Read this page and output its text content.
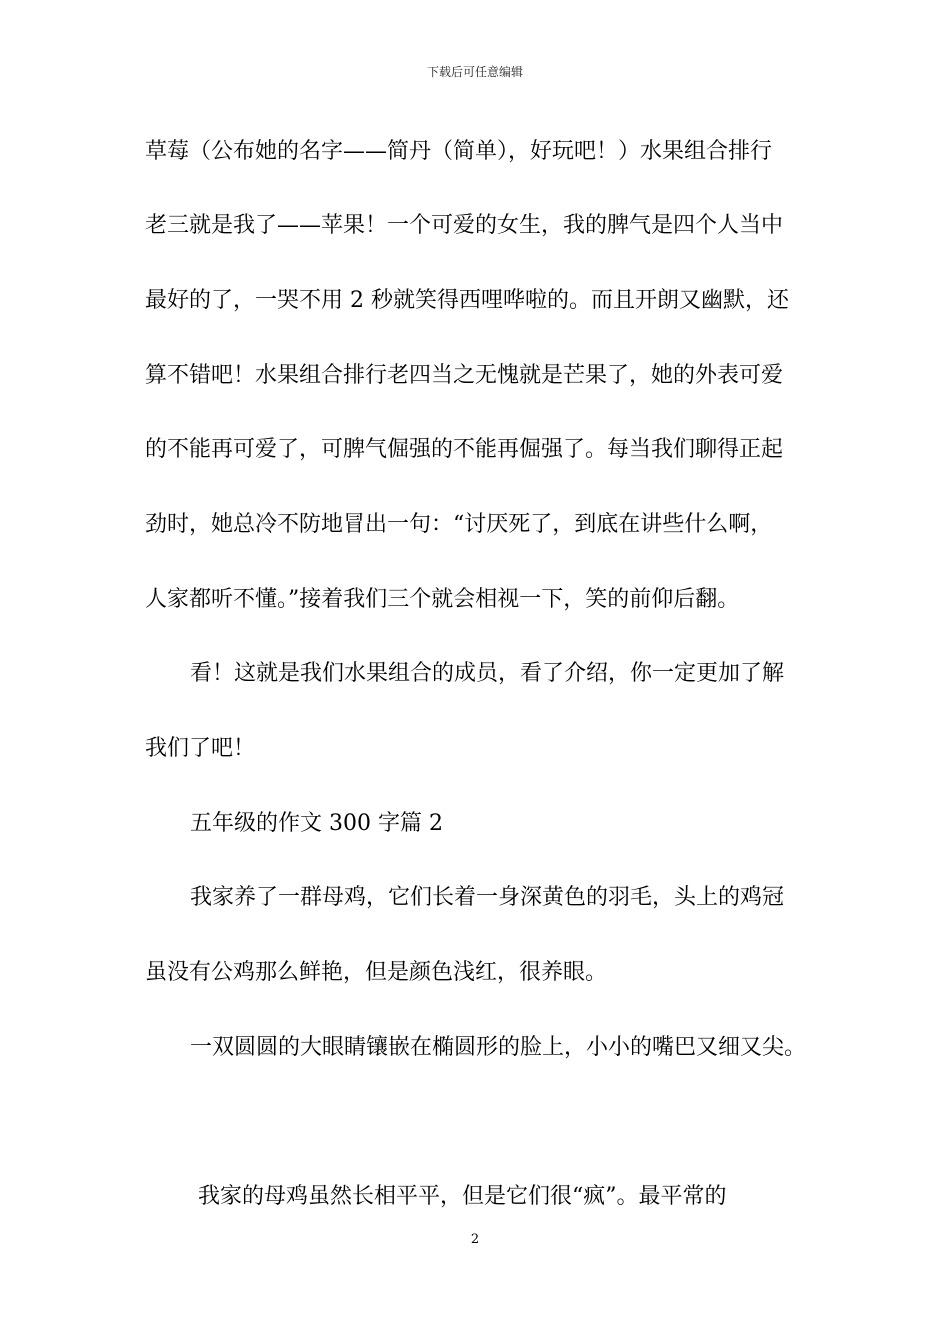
下载后可任意编辑
草莓（公布她的名字——简丹（简单），好玩吧！）水果组合排行
老三就是我了——苹果！一个可爱的女生，我的脾气是四个人当中
最好的了，一哭不用 2 秒就笑得西哩哗啦的。而且开朗又幽默，还
算不错吧！水果组合排行老四当之无愧就是芒果了，她的外表可爱
的不能再可爱了，可脾气倔强的不能再倔强了。每当我们聊得正起
劲时，她总冷不防地冒出一句：“讨厌死了，到底在讲些什么啊，
人家都听不懂。”接着我们三个就会相视一下，笑的前仰后翻。
看！这就是我们水果组合的成员，看了介绍，你一定更加了解
我们了吧！
五年级的作文 300 字篇 2
我家养了一群母鸡，它们长着一身深黄色的羽毛，头上的鸡冠
虽没有公鸡那么鲜艳，但是颜色浅红，很养眼。
一双圆圆的大眼睛镶嵌在椭圆形的脸上，小小的嘴巴又细又尖。
我家的母鸡虽然长相平平，但是它们很“疯”。最平常的
2
